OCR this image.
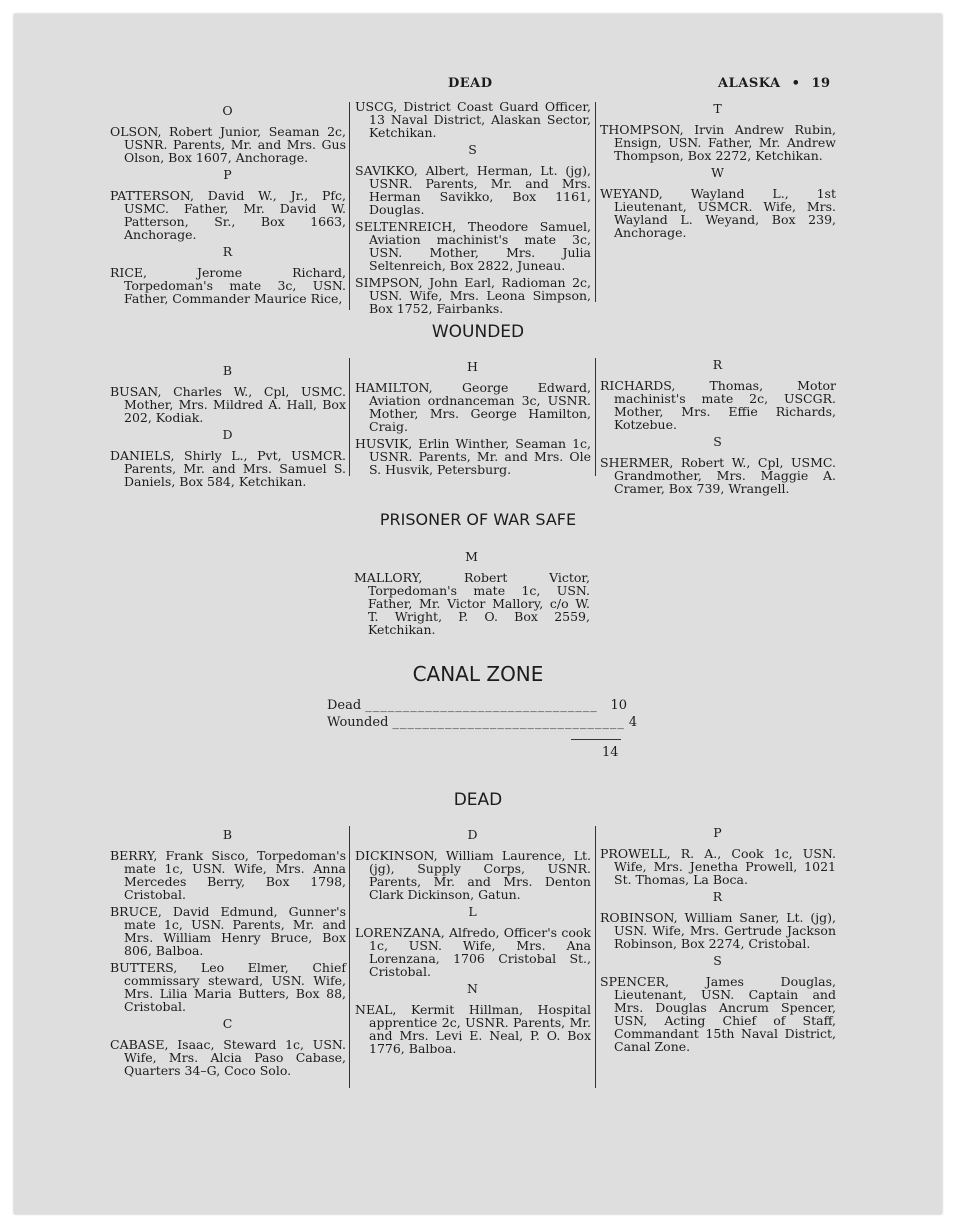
DEAD	ALASKA • 19
O
OLSON, Robert Junior, Seaman 2c, USNR. Parents, Mr. and Mrs. Gus Olson, Box 1607, Anchorage.
P
PATTERSON, David W., Jr., Pfc, USMC. Father, Mr. David W. Patterson, Sr., Box 1663, Anchorage.
R
RICE, Jerome Richard, Torpedoman's mate 3c, USN. Father, Commander Maurice Rice,
USCG, District Coast Guard Officer, 13 Naval District, Alaskan Sector, Ketchikan.
S
SAVIKKO, Albert, Herman, Lt. (jg), USNR. Parents, Mr. and Mrs. Herman Savikko, Box 1161, Douglas.
SELTENREICH, Theodore Samuel, Aviation machinist's mate 3c, USN. Mother, Mrs. Julia Seltenreich, Box 2822, Juneau.
SIMPSON, John Earl, Radioman 2c, USN. Wife, Mrs. Leona Simpson, Box 1752, Fairbanks.
T
THOMPSON, Irvin Andrew Rubin, Ensign, USN. Father, Mr. Andrew Thompson, Box 2272, Ketchikan.
W
WEYAND, Wayland L., 1st Lieutenant, USMCR. Wife, Mrs. Wayland L. Weyand, Box 239, Anchorage.
WOUNDED
B
BUSAN, Charles W., Cpl, USMC. Mother, Mrs. Mildred A. Hall, Box 202, Kodiak.
D
DANIELS, Shirly L., Pvt, USMCR. Parents, Mr. and Mrs. Samuel S. Daniels, Box 584, Ketchikan.
H
HAMILTON, George Edward, Aviation ordnanceman 3c, USNR. Mother, Mrs. George Hamilton, Craig.
HUSVIK, Erlin Winther, Seaman 1c, USNR. Parents, Mr. and Mrs. Ole S. Husvik, Petersburg.
R
RICHARDS, Thomas, Motor machinist's mate 2c, USCGR. Mother, Mrs. Effie Richards, Kotzebue.
S
SHERMER, Robert W., Cpl, USMC. Grandmother, Mrs. Maggie A. Cramer, Box 739, Wrangell.
PRISONER OF WAR SAFE
M
MALLORY, Robert Victor, Torpedoman's mate 1c, USN. Father, Mr. Victor Mallory, c/o W. T. Wright, P. O. Box 2559, Ketchikan.
CANAL ZONE
Dead _______________________________ 10
Wounded _______________________________ 4
14
DEAD
B
BERRY, Frank Sisco, Torpedoman's mate 1c, USN. Wife, Mrs. Anna Mercedes Berry, Box 1798, Cristobal.
BRUCE, David Edmund, Gunner's mate 1c, USN. Parents, Mr. and Mrs. William Henry Bruce, Box 806, Balboa.
BUTTERS, Leo Elmer, Chief commissary steward, USN. Wife, Mrs. Lilia Maria Butters, Box 88, Cristobal.
C
CABASE, Isaac, Steward 1c, USN. Wife, Mrs. Alcia Paso Cabase, Quarters 34–G, Coco Solo.
D
DICKINSON, William Laurence, Lt. (jg), Supply Corps, USNR. Parents, Mr. and Mrs. Denton Clark Dickinson, Gatun.
L
LORENZANA, Alfredo, Officer's cook 1c, USN. Wife, Mrs. Ana Lorenzana, 1706 Cristobal St., Cristobal.
N
NEAL, Kermit Hillman, Hospital apprentice 2c, USNR. Parents, Mr. and Mrs. Levi E. Neal, P. O. Box 1776, Balboa.
P
PROWELL, R. A., Cook 1c, USN. Wife, Mrs. Jenetha Prowell, 1021 St. Thomas, La Boca.
R
ROBINSON, William Saner, Lt. (jg), USN. Wife, Mrs. Gertrude Jackson Robinson, Box 2274, Cristobal.
S
SPENCER, James Douglas, Lieutenant, USN. Captain and Mrs. Douglas Ancrum Spencer, USN, Acting Chief of Staff, Commandant 15th Naval District, Canal Zone.
